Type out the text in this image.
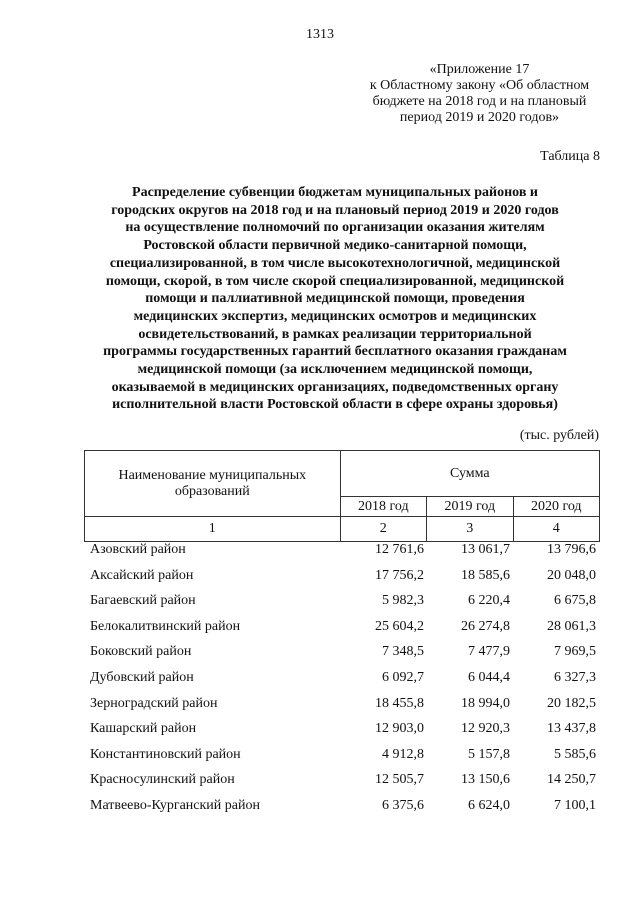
1313
«Приложение 17
к Областному закону «Об областном
бюджете на 2018 год и на плановый
период 2019 и 2020 годов»
Таблица 8
Распределение субвенции бюджетам муниципальных районов и
городских округов на 2018 год и на плановый период 2019 и 2020 годов
на осуществление полномочий по организации оказания жителям
Ростовской области первичной медико-санитарной помощи,
специализированной, в том числе высокотехнологичной, медицинской
помощи, скорой, в том числе скорой специализированной, медицинской
помощи и паллиативной медицинской помощи, проведения
медицинских экспертиз, медицинских осмотров и медицинских
освидетельствований, в рамках реализации территориальной
программы государственных гарантий бесплатного оказания гражданам
медицинской помощи (за исключением медицинской помощи,
оказываемой в медицинских организациях, подведомственных органу
исполнительной власти Ростовской области в сфере охраны здоровья)
(тыс. рублей)
Наименование муниципальных
образований	Сумма		
	2018 год	2019 год	2020 год
1	2	3	4
Азовский район	12 761,6	13 061,7	13 796,6
Аксайский район	17 756,2	18 585,6	20 048,0
Багаевский район	5 982,3	6 220,4	6 675,8
Белокалитвинский район	25 604,2	26 274,8	28 061,3
Боковский район	7 348,5	7 477,9	7 969,5
Дубовский район	6 092,7	6 044,4	6 327,3
Зерноградский район	18 455,8	18 994,0	20 182,5
Кашарский район	12 903,0	12 920,3	13 437,8
Константиновский район	4 912,8	5 157,8	5 585,6
Красносулинский район	12 505,7	13 150,6	14 250,7
Матвеево-Курганский район	6 375,6	6 624,0	7 100,1
